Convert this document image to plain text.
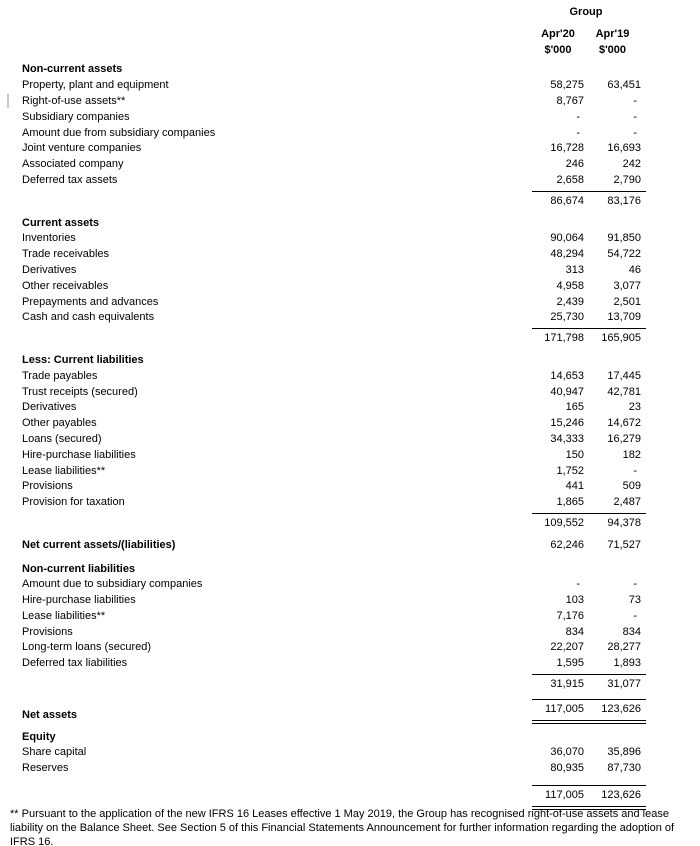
Group
Apr'20	Apr'19
$'000	$'000
Non-current assets
Property, plant and equipment	58,275	63,451
Right-of-use assets**	8,767	-
Subsidiary companies	-	-
Amount due from subsidiary companies	-	-
Joint venture companies	16,728	16,693
Associated company	246	242
Deferred tax assets	2,658	2,790
86,674	83,176
Current assets
Inventories	90,064	91,850
Trade receivables	48,294	54,722
Derivatives	313	46
Other receivables	4,958	3,077
Prepayments and advances	2,439	2,501
Cash and cash equivalents	25,730	13,709
171,798	165,905
Less: Current liabilities
Trade payables	14,653	17,445
Trust receipts (secured)	40,947	42,781
Derivatives	165	23
Other payables	15,246	14,672
Loans (secured)	34,333	16,279
Hire-purchase liabilities	150	182
Lease liabilities**	1,752	-
Provisions	441	509
Provision for taxation	1,865	2,487
109,552	94,378
Net current assets/(liabilities)	62,246	71,527
Non-current liabilities
Amount due to subsidiary companies	-	-
Hire-purchase liabilities	103	73
Lease liabilities**	7,176	-
Provisions	834	834
Long-term loans (secured)	22,207	28,277
Deferred tax liabilities	1,595	1,893
31,915	31,077
Net assets	117,005	123,626
Equity
Share capital	36,070	35,896
Reserves	80,935	87,730
117,005	123,626
** Pursuant to the application of the new IFRS 16 Leases effective 1 May 2019, the Group has recognised right-of-use assets and lease liability on the Balance Sheet. See Section 5 of this Financial Statements Announcement for further information regarding the adoption of IFRS 16.
